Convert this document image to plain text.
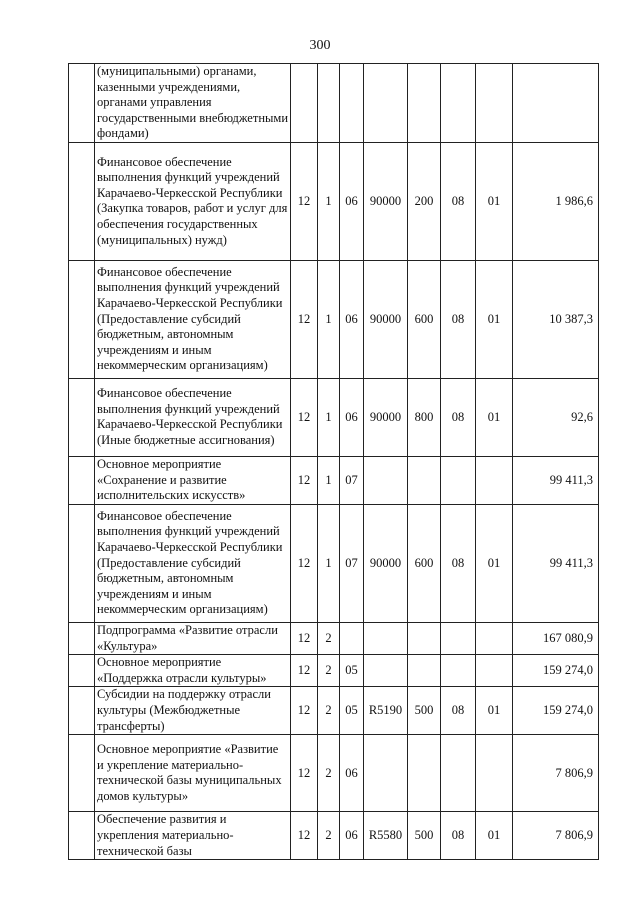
300
	(муниципальными) органами, казенными учреждениями, органами управления государственными внебюджетными фондами)								
	Финансовое обеспечение выполнения функций учреждений Карачаево-Черкесской Республики (Закупка товаров, работ и услуг для обеспечения государственных (муниципальных) нужд)	12	1	06	90000	200	08	01	1 986,6
	Финансовое обеспечение выполнения функций учреждений Карачаево-Черкесской Республики (Предоставление субсидий бюджетным, автономным учреждениям и иным некоммерческим организациям)	12	1	06	90000	600	08	01	10 387,3
	Финансовое обеспечение выполнения функций учреждений Карачаево-Черкесской Республики (Иные бюджетные ассигнования)	12	1	06	90000	800	08	01	92,6
	Основное мероприятие «Сохранение и развитие исполнительских искусств»	12	1	07					99 411,3
	Финансовое обеспечение выполнения функций учреждений Карачаево-Черкесской Республики (Предоставление субсидий бюджетным, автономным учреждениям и иным некоммерческим организациям)	12	1	07	90000	600	08	01	99 411,3
	Подпрограмма «Развитие отрасли «Культура»	12	2						167 080,9
	Основное мероприятие «Поддержка отрасли культуры»	12	2	05					159 274,0
	Субсидии на поддержку отрасли культуры (Межбюджетные трансферты)	12	2	05	R5190	500	08	01	159 274,0
	Основное мероприятие «Развитие и укрепление материально-технической базы муниципальных домов культуры»	12	2	06					7 806,9
	Обеспечение развития и укрепления материально-технической базы	12	2	06	R5580	500	08	01	7 806,9
